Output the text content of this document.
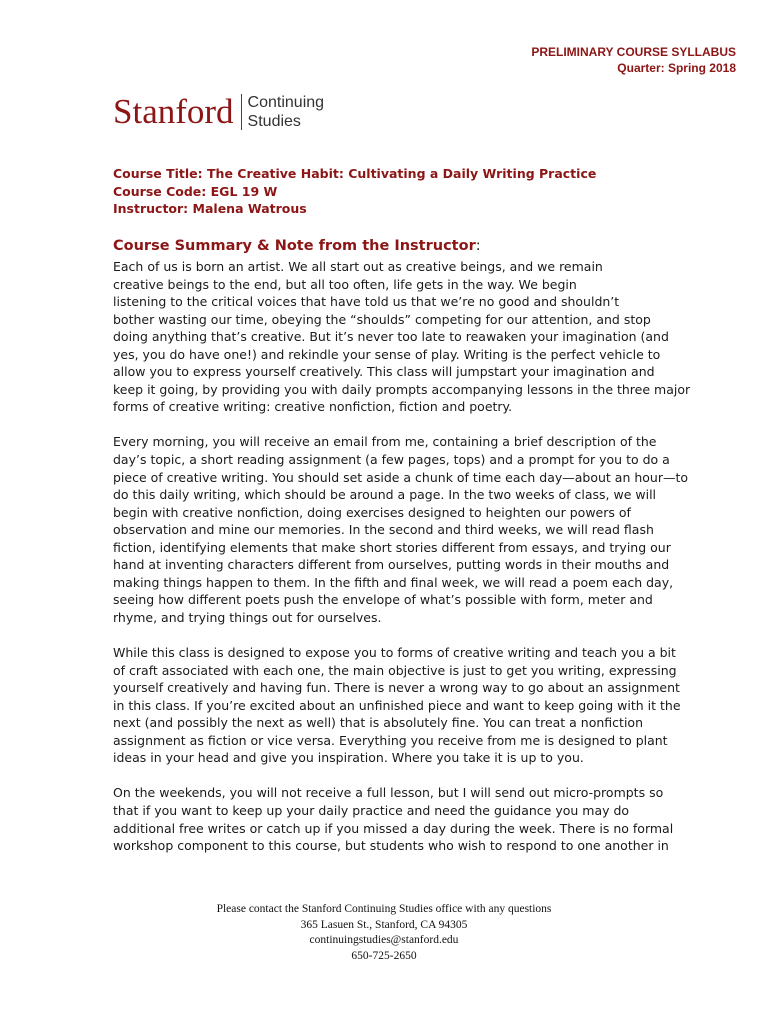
PRELIMINARY COURSE SYLLABUS
Quarter: Spring 2018
Stanford Continuing
Studies
Course Title: The Creative Habit: Cultivating a Daily Writing Practice
Course Code: EGL 19 W
Instructor: Malena Watrous
Course Summary & Note from the Instructor:

Each of us is born an artist. We all start out as creative beings, and we remain
creative beings to the end, but all too often, life gets in the way. We begin
listening to the critical voices that have told us that we’re no good and shouldn’t
bother wasting our time, obeying the “shoulds” competing for our attention, and stop
doing anything that’s creative. But it’s never too late to reawaken your imagination (and
yes, you do have one!) and rekindle your sense of play. Writing is the perfect vehicle to
allow you to express yourself creatively. This class will jumpstart your imagination and
keep it going, by providing you with daily prompts accompanying lessons in the three major
forms of creative writing: creative nonfiction, fiction and poetry.

Every morning, you will receive an email from me, containing a brief description of the
day’s topic, a short reading assignment (a few pages, tops) and a prompt for you to do a
piece of creative writing. You should set aside a chunk of time each day—about an hour—to
do this daily writing, which should be around a page. In the two weeks of class, we will
begin with creative nonfiction, doing exercises designed to heighten our powers of
observation and mine our memories. In the second and third weeks, we will read flash
fiction, identifying elements that make short stories different from essays, and trying our
hand at inventing characters different from ourselves, putting words in their mouths and
making things happen to them. In the fifth and final week, we will read a poem each day,
seeing how different poets push the envelope of what’s possible with form, meter and
rhyme, and trying things out for ourselves.

While this class is designed to expose you to forms of creative writing and teach you a bit
of craft associated with each one, the main objective is just to get you writing, expressing
yourself creatively and having fun. There is never a wrong way to go about an assignment
in this class. If you’re excited about an unfinished piece and want to keep going with it the
next (and possibly the next as well) that is absolutely fine. You can treat a nonfiction
assignment as fiction or vice versa. Everything you receive from me is designed to plant
ideas in your head and give you inspiration. Where you take it is up to you.

On the weekends, you will not receive a full lesson, but I will send out micro-prompts so
that if you want to keep up your daily practice and need the guidance you may do
additional free writes or catch up if you missed a day during the week. There is no formal
workshop component to this course, but students who wish to respond to one another in

Please contact the Stanford Continuing Studies office with any questions
365 Lasuen St., Stanford, CA 94305
continuingstudies@stanford.edu
650-725-2650
